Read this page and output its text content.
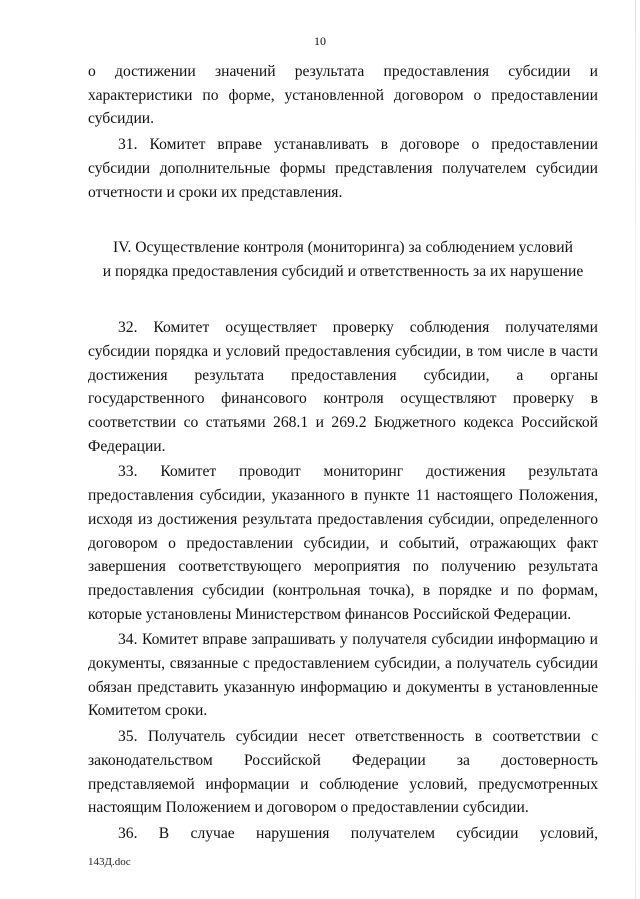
10

о достижении значений результата предоставления субсидии и характеристики по форме, установленной договором о предоставлении субсидии.

31. Комитет вправе устанавливать в договоре о предоставлении субсидии дополнительные формы представления получателем субсидии отчетности и сроки их представления.

IV. Осуществление контроля (мониторинга) за соблюдением условий
и порядка предоставления субсидий и ответственность за их нарушение

32. Комитет осуществляет проверку соблюдения получателями субсидии порядка и условий предоставления субсидии, в том числе в части достижения результата предоставления субсидии, а органы государственного финансового контроля осуществляют проверку в соответствии со статьями 268.1 и 269.2 Бюджетного кодекса Российской Федерации.

33. Комитет проводит мониторинг достижения результата предоставления субсидии, указанного в пункте 11 настоящего Положения, исходя из достижения результата предоставления субсидии, определенного договором о предоставлении субсидии, и событий, отражающих факт завершения соответствующего мероприятия по получению результата предоставления субсидии (контрольная точка), в порядке и по формам, которые установлены Министерством финансов Российской Федерации.

34. Комитет вправе запрашивать у получателя субсидии информацию и документы, связанные с предоставлением субсидии, а получатель субсидии обязан представить указанную информацию и документы в установленные Комитетом сроки.

35. Получатель субсидии несет ответственность в соответствии с законодательством Российской Федерации за достоверность представляемой информации и соблюдение условий, предусмотренных настоящим Положением и договором о предоставлении субсидии.

36. В случае нарушения получателем субсидии условий,

143Д.doc
